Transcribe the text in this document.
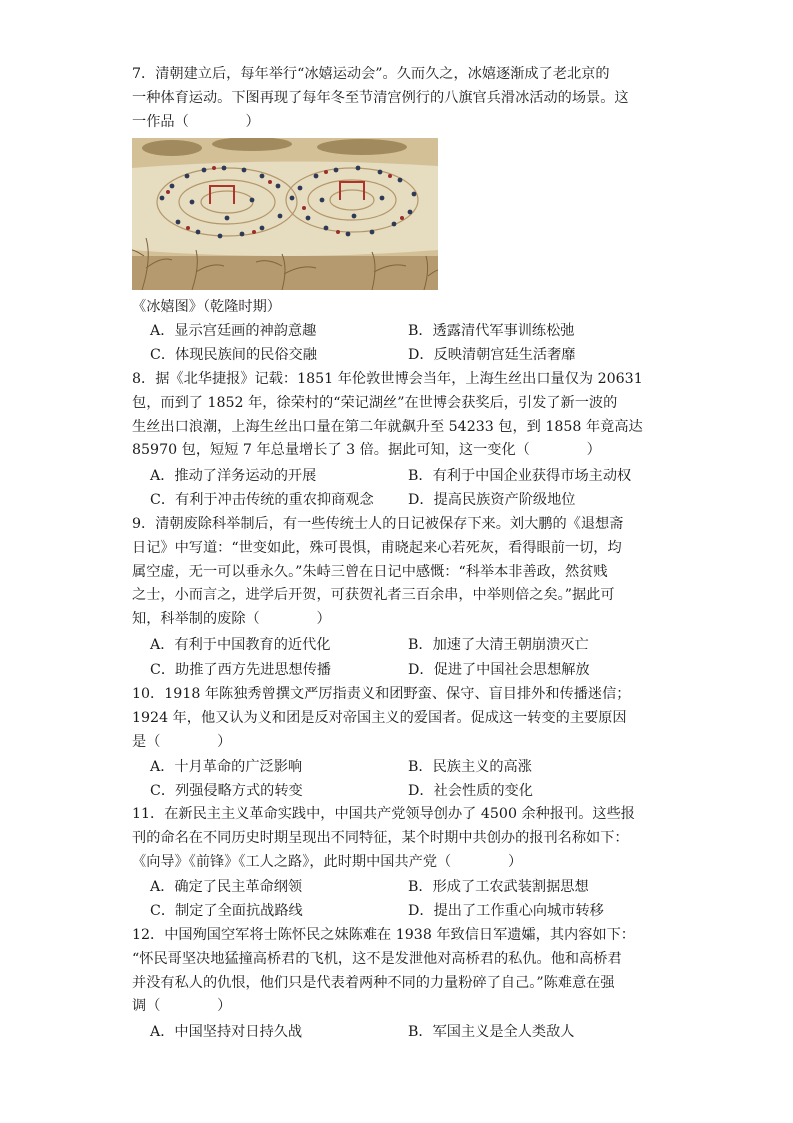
7．清朝建立后，每年举行“冰嬉运动会”。久而久之，冰嬉逐渐成了老北京的
一种体育运动。下图再现了每年冬至节清宫例行的八旗官兵滑冰活动的场景。这
一作品（　　　　）
《冰嬉图》（乾隆时期）
A．显示宫廷画的神韵意趣	B．透露清代军事训练松弛
C．体现民族间的民俗交融	D．反映清朝宫廷生活奢靡
8．据《北华捷报》记载：1851 年伦敦世博会当年，上海生丝出口量仅为 20631
包，而到了 1852 年，徐荣村的“荣记湖丝”在世博会获奖后，引发了新一波的
生丝出口浪潮，上海生丝出口量在第二年就飙升至 54233 包，到 1858 年竟高达
85970 包，短短 7 年总量增长了 3 倍。据此可知，这一变化（　　　　）
A．推动了洋务运动的开展	B．有利于中国企业获得市场主动权
C．有利于冲击传统的重农抑商观念 D．提高民族资产阶级地位
9．清朝废除科举制后，有一些传统士人的日记被保存下来。刘大鹏的《退想斋
日记》中写道：“世变如此，殊可畏惧，甫晓起来心若死灰，看得眼前一切，均
属空虚，无一可以垂永久。”朱峙三曾在日记中感慨：“科举本非善政，然贫贱
之士，小而言之，进学后开贺，可获贺礼者三百余串，中举则倍之矣。”据此可
知，科举制的废除（　　　　）
A．有利于中国教育的近代化	B．加速了大清王朝崩溃灭亡
C．助推了西方先进思想传播	D．促进了中国社会思想解放
10．1918 年陈独秀曾撰文严厉指责义和团野蛮、保守、盲目排外和传播迷信；
1924 年，他又认为义和团是反对帝国主义的爱国者。促成这一转变的主要原因
是（　　　　）
A．十月革命的广泛影响	B．民族主义的高涨
C．列强侵略方式的转变	D．社会性质的变化
11．在新民主主义革命实践中，中国共产党领导创办了 4500 余种报刊。这些报
刊的命名在不同历史时期呈现出不同特征，某个时期中共创办的报刊名称如下：
《向导》《前锋》《工人之路》，此时期中国共产党（　　　　）
A．确定了民主革命纲领	B．形成了工农武装割据思想
C．制定了全面抗战路线	D．提出了工作重心向城市转移
12．中国殉国空军将士陈怀民之妹陈难在 1938 年致信日军遗孀，其内容如下：
“怀民哥坚决地猛撞高桥君的飞机，这不是发泄他对高桥君的私仇。他和高桥君
并没有私人的仇恨，他们只是代表着两种不同的力量粉碎了自己。”陈难意在强
调（　　　　）
A．中国坚持对日持久战	B．军国主义是全人类敌人
